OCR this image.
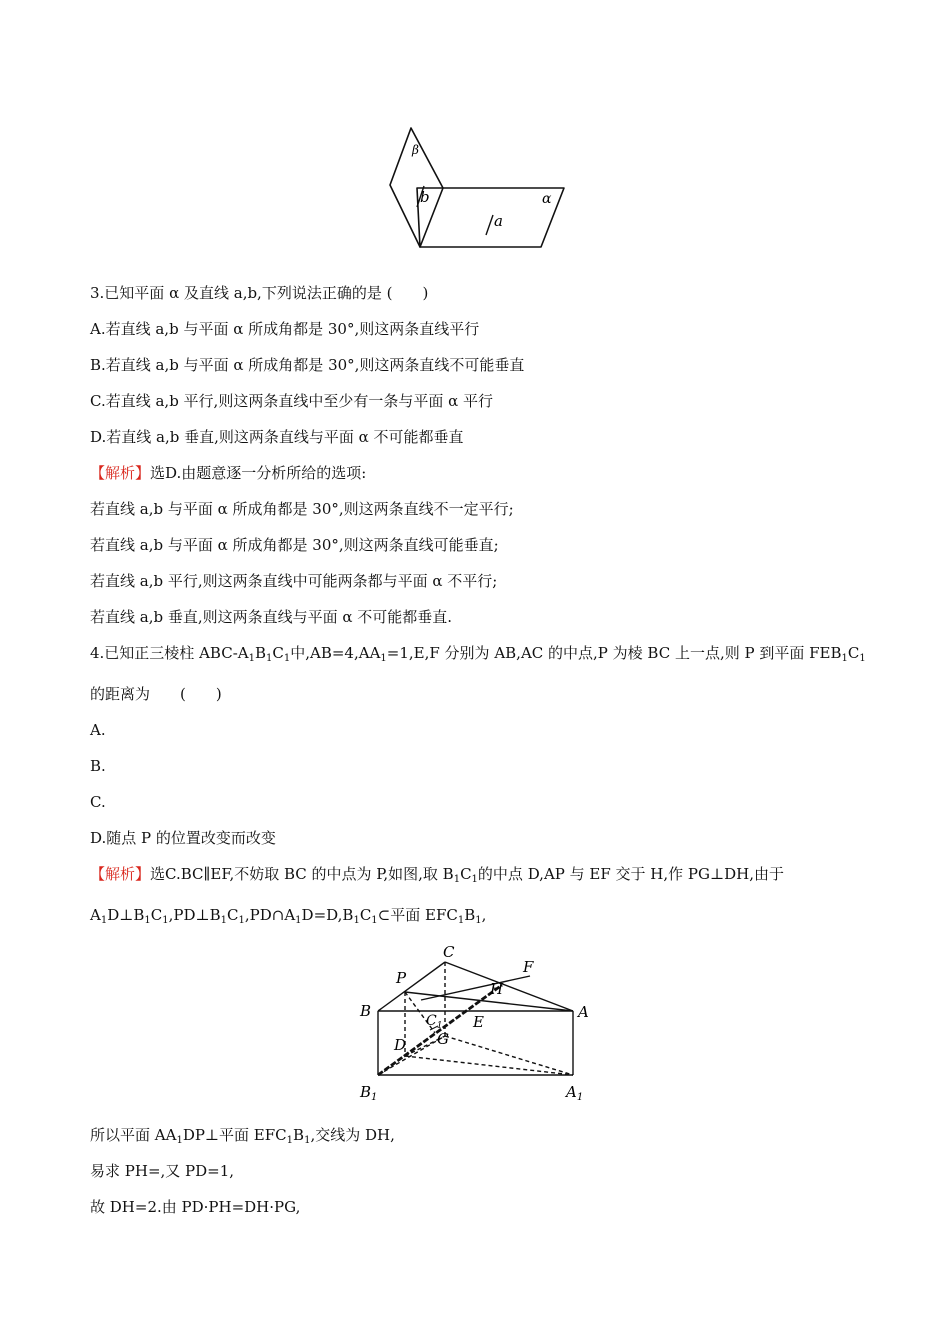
β
b
a
α
3.已知平面 α 及直线 a,b,下列说法正确的是 (　　)
A.若直线 a,b 与平面 α 所成角都是 30°,则这两条直线平行
B.若直线 a,b 与平面 α 所成角都是 30°,则这两条直线不可能垂直
C.若直线 a,b 平行,则这两条直线中至少有一条与平面 α 平行
D.若直线 a,b 垂直,则这两条直线与平面 α 不可能都垂直
【解析】选D.由题意逐一分析所给的选项:
若直线 a,b 与平面 α 所成角都是 30°,则这两条直线不一定平行;
若直线 a,b 与平面 α 所成角都是 30°,则这两条直线可能垂直;
若直线 a,b 平行,则这两条直线中可能两条都与平面 α 不平行;
若直线 a,b 垂直,则这两条直线与平面 α 不可能都垂直.
4.已知正三棱柱 ABC-$A_1B_1C_1$中$,AB=4,AA_1=1,E,F$ 分别为 AB,AC 的中点,P 为棱 BC 上一点,则 P 到平面 $FEB_1C_1$
的距离为　　(　　)
A.
B.
C.
D.随点 P 的位置改变而改变
【解析】选C.BC∥EF,不妨取 BC 的中点为 P,如图,取 $B_1C_1$的中点 D,AP 与 EF 交于 H,作 PG⊥DH,由于
$A_1D\perp B_1C_1,PD\perp B_1C_1,PD\cap A_1D=D,B_1C_1\subset$平面 $EFC_1B_1$,
C
P
F
H
B	A
$C_1$ E
G
D
$B_1$	$A_1$
所以平面 $AA_1DP\perp$平面 $EFC_1B_1$,交线为 DH,
易求 PH=,又 PD=1,
故 DH=2.由 PD·PH=DH·PG,
